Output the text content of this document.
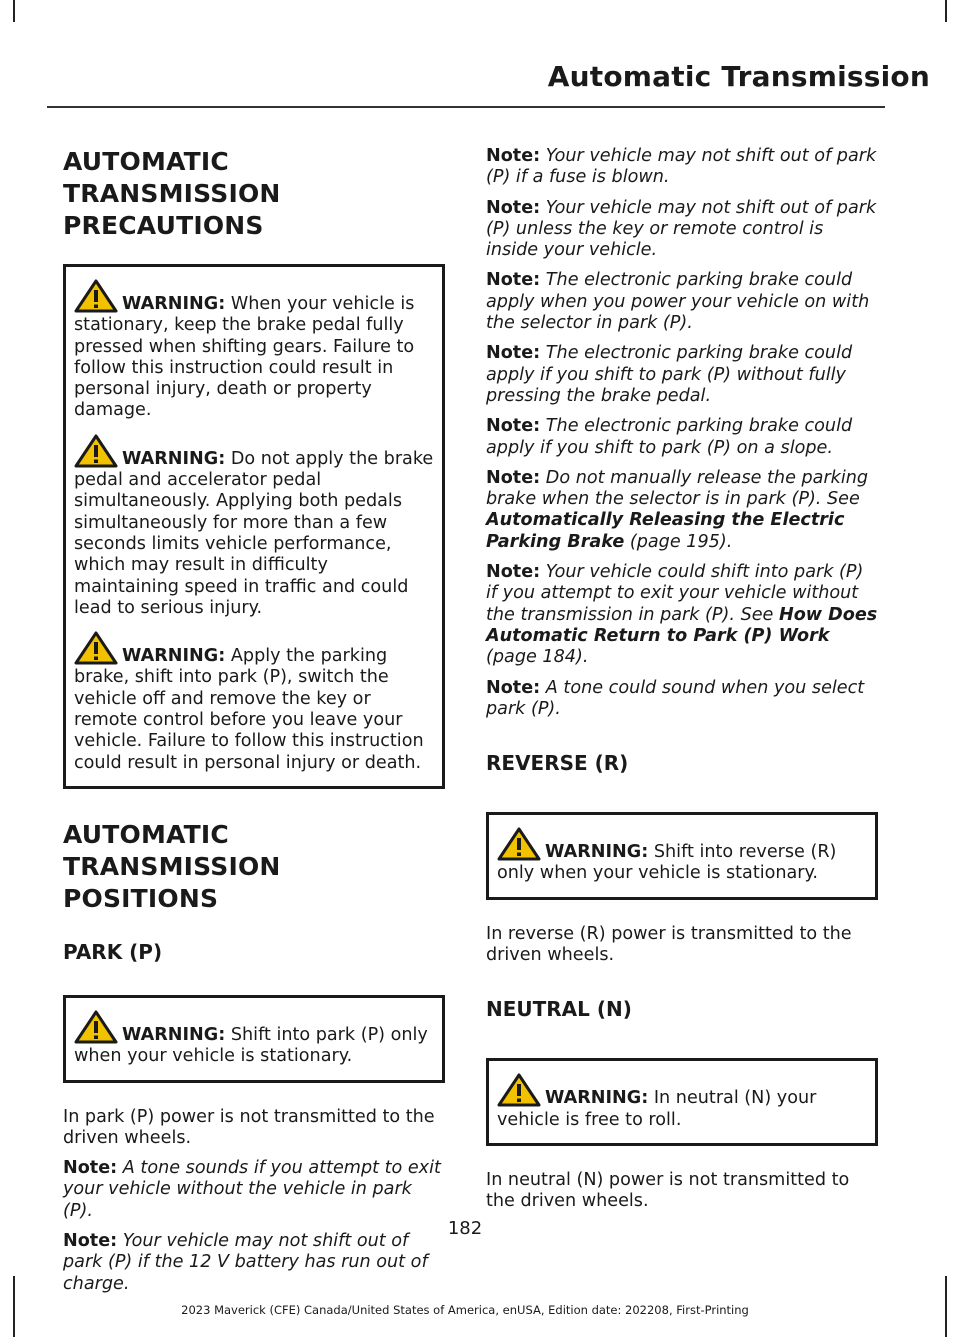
Automatic Transmission
AUTOMATIC TRANSMISSION
PRECAUTIONS

WARNING: When your vehicle is stationary, keep the brake pedal fully pressed when shifting gears. Failure to follow this instruction could result in personal injury, death or property damage.

WARNING: Do not apply the brake pedal and accelerator pedal simultaneously. Applying both pedals simultaneously for more than a few seconds limits vehicle performance, which may result in difficulty maintaining speed in traffic and could lead to serious injury.

WARNING: Apply the parking brake, shift into park (P), switch the vehicle off and remove the key or remote control before you leave your vehicle. Failure to follow this instruction could result in personal injury or death.

AUTOMATIC TRANSMISSION
POSITIONS
PARK (P)

WARNING: Shift into park (P) only when your vehicle is stationary.

In park (P) power is not transmitted to the driven wheels.

Note: A tone sounds if you attempt to exit your vehicle without the vehicle in park (P).

Note: Your vehicle may not shift out of park (P) if the 12 V battery has run out of charge.

Note: Your vehicle may not shift out of park (P) if a fuse is blown.

Note: Your vehicle may not shift out of park (P) unless the key or remote control is inside your vehicle.

Note: The electronic parking brake could apply when you power your vehicle on with the selector in park (P).

Note: The electronic parking brake could apply if you shift to park (P) without fully pressing the brake pedal.

Note: The electronic parking brake could apply if you shift to park (P) on a slope.

Note: Do not manually release the parking brake when the selector is in park (P). See Automatically Releasing the Electric Parking Brake (page 195).

Note: Your vehicle could shift into park (P) if you attempt to exit your vehicle without the transmission in park (P). See How Does Automatic Return to Park (P) Work (page 184).

Note: A tone could sound when you select park (P).

REVERSE (R)

WARNING: Shift into reverse (R) only when your vehicle is stationary.

In reverse (R) power is transmitted to the driven wheels.

NEUTRAL (N)

WARNING: In neutral (N) your vehicle is free to roll.

In neutral (N) power is not transmitted to the driven wheels.

182
2023 Maverick (CFE) Canada/United States of America, enUSA, Edition date: 202208, First-Printing
